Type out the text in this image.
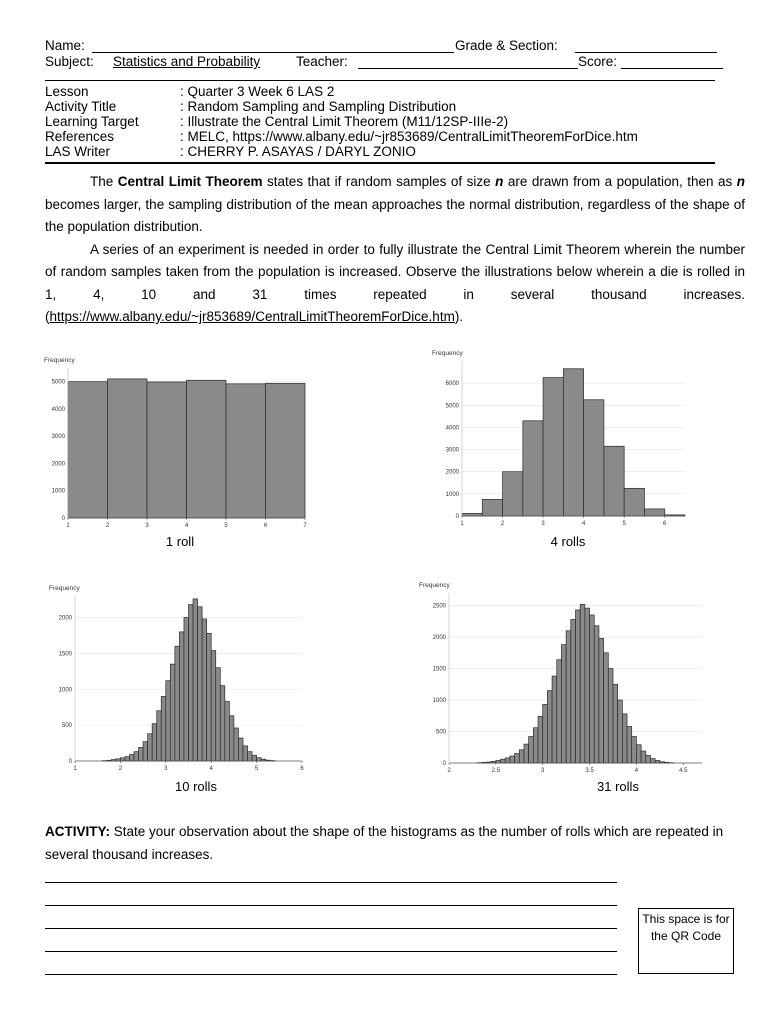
Name:	Grade & Section:
Subject: Statistics and Probability	Teacher:	Score:
Lesson	: Quarter 3 Week 6 LAS 2
Activity Title	: Random Sampling and Sampling Distribution
Learning Target	: Illustrate the Central Limit Theorem (M11/12SP-IIIe-2)
References	: MELC, https://www.albany.edu/~jr853689/CentralLimitTheoremForDice.htm
LAS Writer	: CHERRY P. ASAYAS / DARYL ZONIO

The Central Limit Theorem states that if random samples of size n are drawn from a population, then as n becomes larger, the sampling distribution of the mean approaches the normal distribution, regardless of the shape of the population distribution.

A series of an experiment is needed in order to fully illustrate the Central Limit Theorem wherein the number of random samples taken from the population is increased. Observe the illustrations below wherein a die is rolled in 1, 4, 10 and 31 times repeated in several thousand increases. (https://www.albany.edu/~jr853689/CentralLimitTheoremForDice.htm).

Frequency
0
1000
2000
3000
4000
5000
1	2	3	4	5	6	7
1 roll
Frequency
0
1000
2000
3000
4000
5000
6000
1	2	3	4	5	6
4 rolls
Frequency
0
500
1000
1500
2000
1	2	3	4	5	6
10 rolls
Frequency
0
500
1000
1500
2000
2500
2	2.5	3	3.5	4	4.5
31 rolls
ACTIVITY: State your observation about the shape of the histograms as the number of rolls which are repeated in several thousand increases.
This space is for the QR Code
